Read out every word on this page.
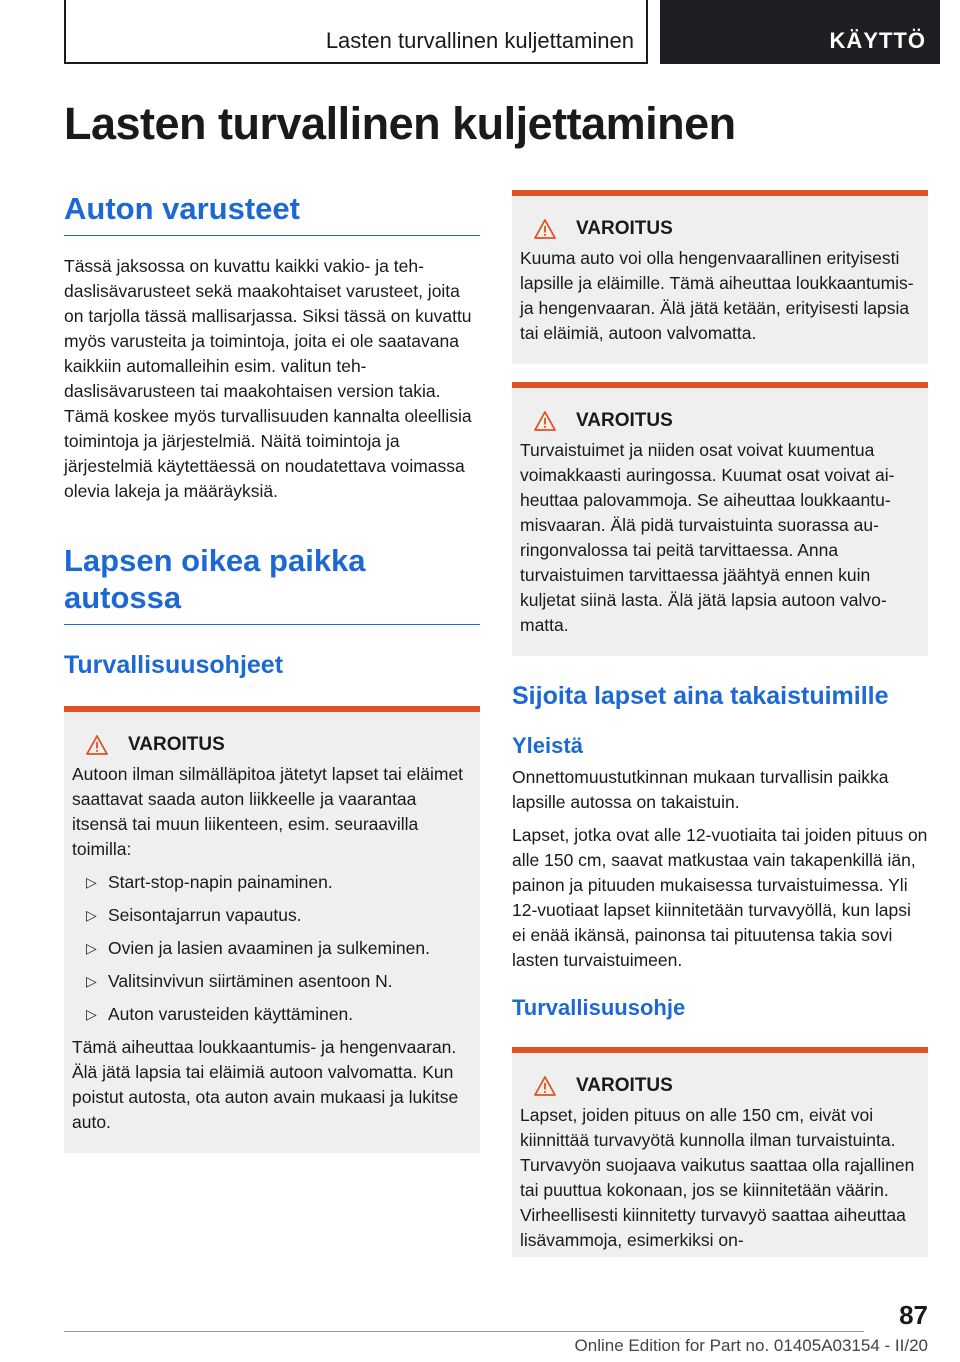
Lasten turvallinen kuljettaminen	KÄYTTÖ
Lasten turvallinen kuljettaminen
Auton varusteet

Tässä jaksossa on kuvattu kaikki vakio- ja tehdaslisävarusteet sekä maakohtaiset varusteet, joita on tarjolla tässä mallisarjassa. Siksi tässä on kuvattu myös varusteita ja toimintoja, joita ei ole saatavana kaikkiin automalleihin esim. valitun tehdaslisävarusteen tai maakohtaisen version takia. Tämä koskee myös turvallisuuden kannalta oleellisia toimintoja ja järjestelmiä. Näitä toimintoja ja järjestelmiä käytettäessä on noudatettava voimassa olevia lakeja ja määräyksiä.

Lapsen oikea paikka autossa
Turvallisuusohjeet
VAROITUS

Autoon ilman silmälläpitoa jätetyt lapset tai eläimet saattavat saada auton liikkeelle ja vaarantaa itsensä tai muun liikenteen, esim. seuraavilla toimilla:

▷ Start-stop-napin painaminen.
▷ Seisontajarrun vapautus.
▷ Ovien ja lasien avaaminen ja sulkeminen.
▷ Valitsinvivun siirtäminen asentoon N.
▷ Auton varusteiden käyttäminen.

Tämä aiheuttaa loukkaantumis- ja hengenvaaran. Älä jätä lapsia tai eläimiä autoon valvomatta. Kun poistut autosta, ota auton avain mukaasi ja lukitse auto.

VAROITUS

Kuuma auto voi olla hengenvaarallinen erityisesti lapsille ja eläimille. Tämä aiheuttaa loukkaantumis- ja hengenvaaran. Älä jätä ketään, erityisesti lapsia tai eläimiä, autoon valvomatta.

VAROITUS

Turvaistuimet ja niiden osat voivat kuumentua voimakkaasti auringossa. Kuumat osat voivat aiheuttaa palovammoja. Se aiheuttaa loukkaantumisvaaran. Älä pidä turvaistuinta suorassa auringonvalossa tai peitä tarvittaessa. Anna turvaistuimen tarvittaessa jäähtyä ennen kuin kuljetat siinä lasta. Älä jätä lapsia autoon valvomatta.

Sijoita lapset aina takaistuimille
Yleistä

Onnettomuustutkinnan mukaan turvallisin paikka lapsille autossa on takaistuin.

Lapset, jotka ovat alle 12-vuotiaita tai joiden pituus on alle 150 cm, saavat matkustaa vain takapenkillä iän, painon ja pituuden mukaisessa turvaistuimessa. Yli 12-vuotiaat lapset kiinnitetään turvavyöllä, kun lapsi ei enää ikänsä, painonsa tai pituutensa takia sovi lasten turvaistuimeen.

Turvallisuusohje
VAROITUS

Lapset, joiden pituus on alle 150 cm, eivät voi kiinnittää turvavyötä kunnolla ilman turvaistuinta. Turvavyön suojaava vaikutus saattaa olla rajallinen tai puuttua kokonaan, jos se kiinnitetään väärin. Virheellisesti kiinnitetty turvavyö saattaa aiheuttaa lisävammoja, esimerkiksi on-

87
Online Edition for Part no. 01405A03154 - II/20
